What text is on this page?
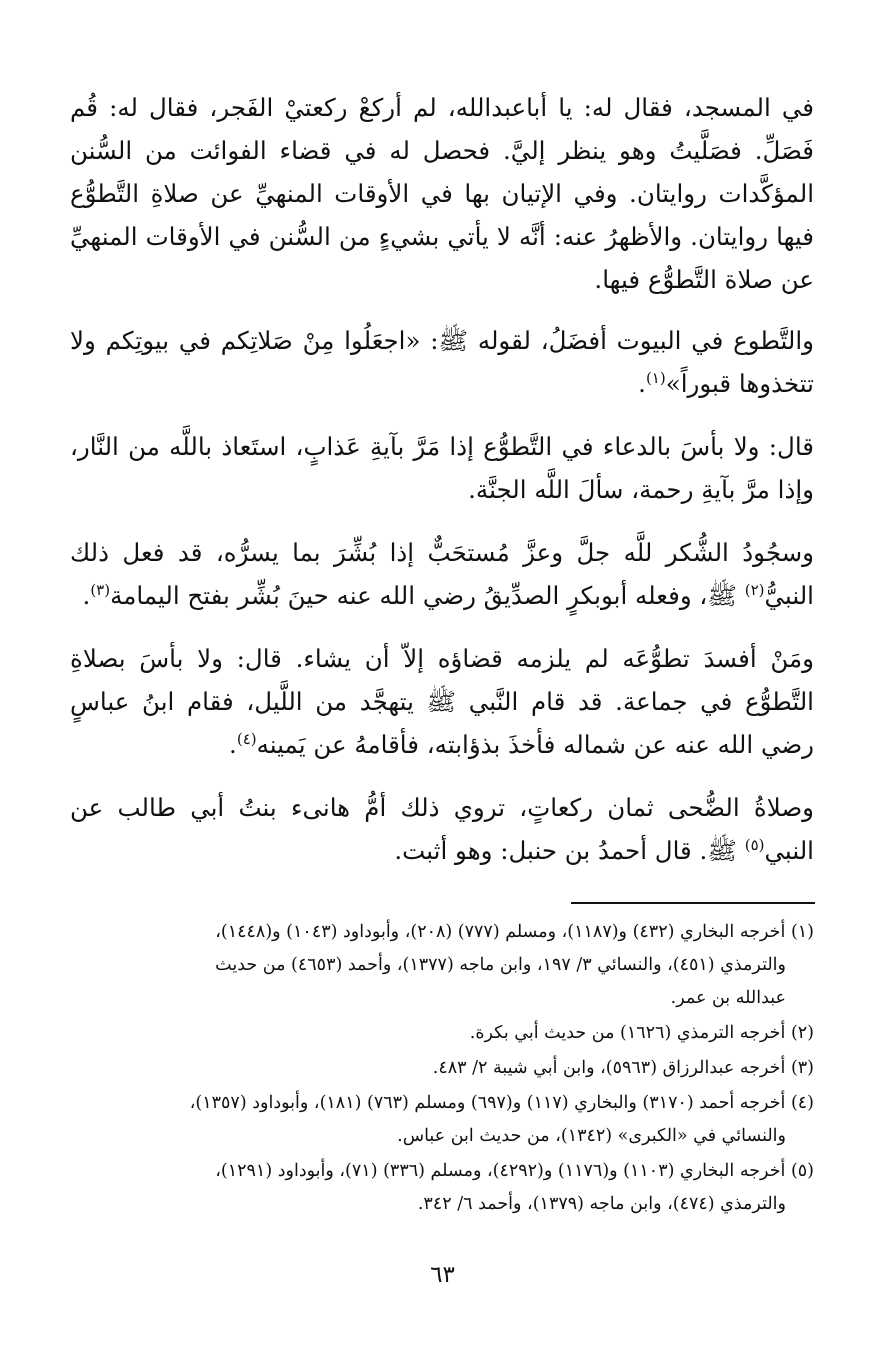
في المسجد، فقال له: يا أباعبدالله، لم أركعْ ركعتيْ الفَجر، فقال له: قُم فَصَلِّ. فصَلَّيتُ وهو ينظر إليَّ. فحصل له في قضاء الفوائت من السُّنن المؤكَّدات روايتان. وفي الإتيان بها في الأوقات المنهيِّ عن صلاةِ التَّطوُّع فيها روايتان. والأظهرُ عنه: أنَّه لا يأتي بشيءٍ من السُّنن في الأوقات المنهيِّ عن صلاة التَّطوُّع فيها.

والتَّطوع في البيوت أفضَلُ، لقوله ﷺ: «اجعَلُوا مِنْ صَلاتِكم في بيوتِكم ولا تتخذوها قبوراً»$^{(١)}$.

قال: ولا بأسَ بالدعاء في التَّطوُّع إذا مَرَّ بآيةِ عَذابٍ، استَعاذ باللَّه من النَّار، وإذا مرَّ بآيةِ رحمة، سألَ اللَّه الجنَّة.

وسجُودُ الشُّكر للَّه جلَّ وعزَّ مُستحَبٌّ إذا بُشِّرَ بما يسرُّه، قد فعل ذلك النبيُّ$^{(٢)}$ ﷺ، وفعله أبوبكرٍ الصدِّيقُ رضي الله عنه حينَ بُشِّر بفتح اليمامة$^{(٣)}$.

ومَنْ أفسدَ تطوُّعَه لم يلزمه قضاؤه إلاّ أن يشاء. قال: ولا بأسَ بصلاةِ التَّطوُّع في جماعة. قد قام النَّبي ﷺ يتهجَّد من اللَّيل، فقام ابنُ عباسٍ رضي الله عنه عن شماله فأخذَ بذؤابته، فأقامهُ عن يَمينه$^{(٤)}$.

وصلاةُ الضُّحى ثمان ركعاتٍ، تروي ذلك أمُّ هانىء بنتُ أبي طالب عن النبي$^{(٥)}$ ﷺ. قال أحمدُ بن حنبل: وهو أثبت.

(١) أخرجه البخاري (٤٣٢) و(١١٨٧)، ومسلم (٧٧٧) (٢٠٨)، وأبوداود (١٠٤٣) و(١٤٤٨)،
والترمذي (٤٥١)، والنسائي ٣/ ١٩٧، وابن ماجه (١٣٧٧)، وأحمد (٤٦٥٣) من حديث
عبدالله بن عمر.

(٢) أخرجه الترمذي (١٦٢٦) من حديث أبي بكرة.

(٣) أخرجه عبدالرزاق (٥٩٦٣)، وابن أبي شيبة ٢/ ٤٨٣.

(٤) أخرجه أحمد (٣١٧٠) والبخاري (١١٧) و(٦٩٧) ومسلم (٧٦٣) (١٨١)، وأبوداود (١٣٥٧)،
والنسائي في «الكبرى» (١٣٤٢)، من حديث ابن عباس.

(٥) أخرجه البخاري (١١٠٣) و(١١٧٦) و(٤٢٩٢)، ومسلم (٣٣٦) (٧١)، وأبوداود (١٢٩١)،
والترمذي (٤٧٤)، وابن ماجه (١٣٧٩)، وأحمد ٦/ ٣٤٢.

٦٣
